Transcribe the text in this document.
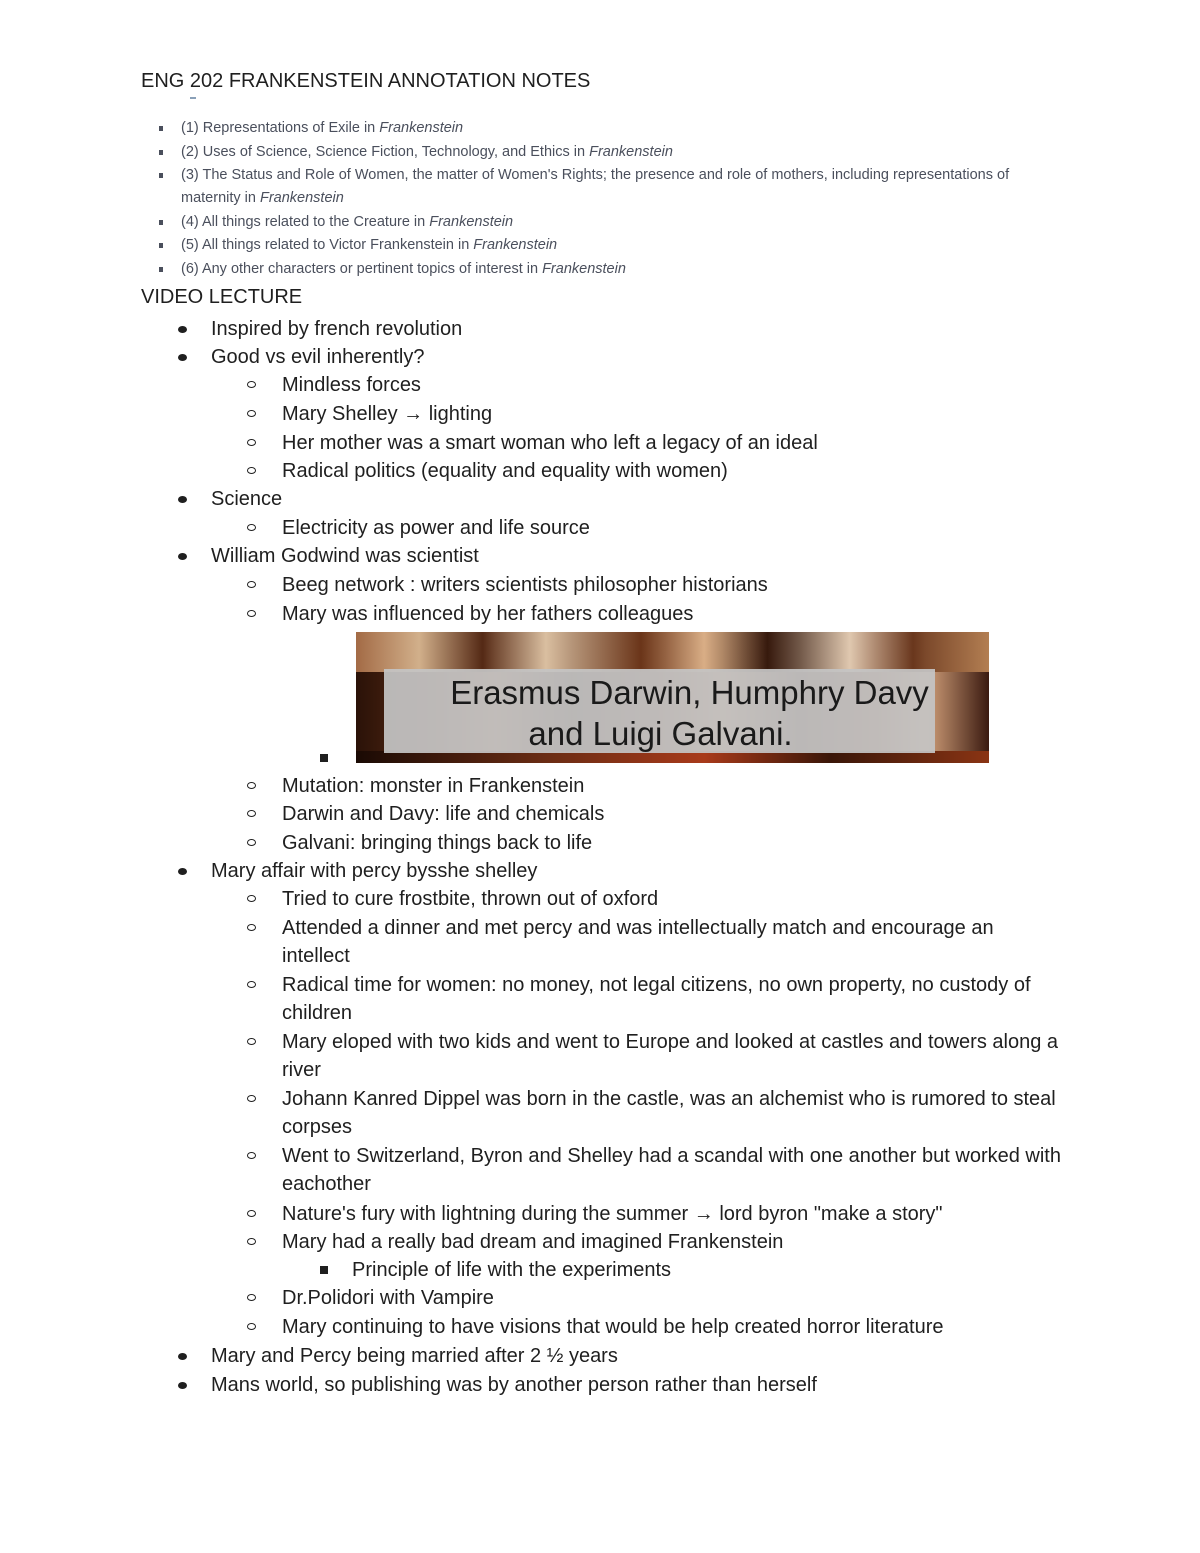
ENG 202 FRANKENSTEIN ANNOTATION NOTES
(1) Representations of Exile in Frankenstein
(2) Uses of Science, Science Fiction, Technology, and Ethics in Frankenstein
(3) The Status and Role of Women, the matter of Women's Rights; the presence and role of mothers, including representations of maternity in Frankenstein
(4) All things related to the Creature in Frankenstein
(5) All things related to Victor Frankenstein in Frankenstein
(6) Any other characters or pertinent topics of interest in Frankenstein
VIDEO LECTURE
Inspired by french revolution
Good vs evil inherently?
Mindless forces
Mary Shelley → lighting
Her mother was a smart woman who left a legacy of an ideal
Radical politics (equality and equality with women)
Science
Electricity as power and life source
William Godwind was scientist
Beeg network : writers scientists philosopher historians
Mary was influenced by her fathers colleagues
Erasmus Darwin, Humphry Davy
and Luigi Galvani.
Mutation: monster in Frankenstein
Darwin and Davy: life and chemicals
Galvani: bringing things back to life
Mary affair with percy bysshe shelley
Tried to cure frostbite, thrown out of oxford
Attended a dinner and met percy and was intellectually match and encourage an intellect
Radical time for women: no money, not legal citizens, no own property, no custody of children
Mary eloped with two kids and went to Europe and looked at castles and towers along a river
Johann Kanred Dippel was born in the castle, was an alchemist who is rumored to steal corpses
Went to Switzerland, Byron and Shelley had a scandal with one another but worked with eachother
Nature's fury with lightning during the summer → lord byron "make a story"
Mary had a really bad dream and imagined Frankenstein
Principle of life with the experiments
Dr.Polidori with Vampire
Mary continuing to have visions that would be help created horror literature
Mary and Percy being married after 2 ½ years
Mans world, so publishing was by another person rather than herself
